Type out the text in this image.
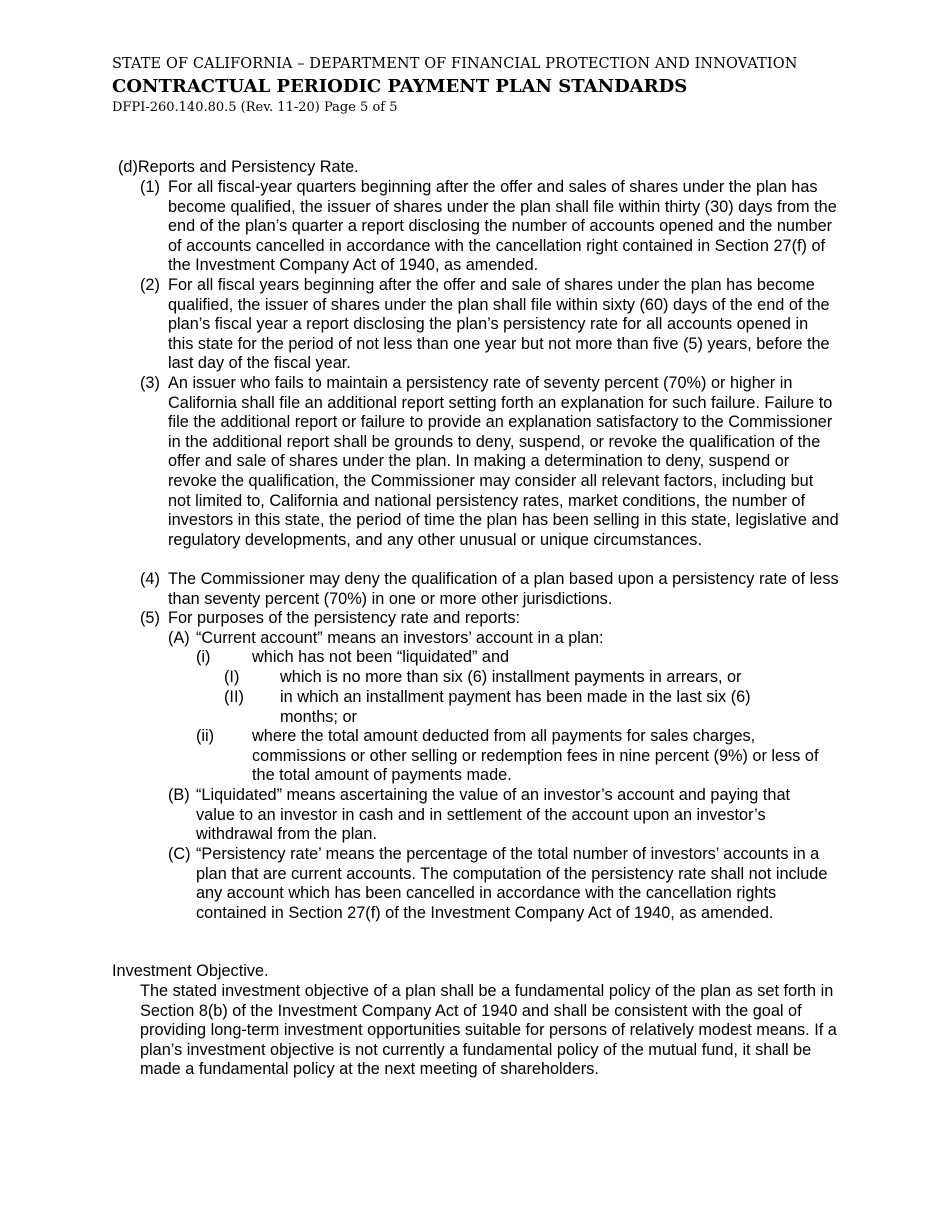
STATE OF CALIFORNIA – DEPARTMENT OF FINANCIAL PROTECTION AND INNOVATION
CONTRACTUAL PERIODIC PAYMENT PLAN STANDARDS
DFPI-260.140.80.5 (Rev. 11-20) Page 5 of 5
(d)Reports and Persistency Rate.
(1) For all fiscal-year quarters beginning after the offer and sales of shares under the plan has become qualified, the issuer of shares under the plan shall file within thirty (30) days from the end of the plan’s quarter a report disclosing the number of accounts opened and the number of accounts cancelled in accordance with the cancellation right contained in Section 27(f) of the Investment Company Act of 1940, as amended.
(2) For all fiscal years beginning after the offer and sale of shares under the plan has become qualified, the issuer of shares under the plan shall file within sixty (60) days of the end of the plan’s fiscal year a report disclosing the plan’s persistency rate for all accounts opened in this state for the period of not less than one year but not more than five (5) years, before the last day of the fiscal year.
(3) An issuer who fails to maintain a persistency rate of seventy percent (70%) or higher in California shall file an additional report setting forth an explanation for such failure. Failure to file the additional report or failure to provide an explanation satisfactory to the Commissioner in the additional report shall be grounds to deny, suspend, or revoke the qualification of the offer and sale of shares under the plan. In making a determination to deny, suspend or revoke the qualification, the Commissioner may consider all relevant factors, including but not limited to, California and national persistency rates, market conditions, the number of investors in this state, the period of time the plan has been selling in this state, legislative and regulatory developments, and any other unusual or unique circumstances.
(4) The Commissioner may deny the qualification of a plan based upon a persistency rate of less than seventy percent (70%) in one or more other jurisdictions.
(5) For purposes of the persistency rate and reports:
(A) “Current account” means an investors’ account in a plan:
(i)	which has not been “liquidated” and
(I) which is no more than six (6) installment payments in arrears, or
(II) in which an installment payment has been made in the last six (6) months; or
(ii) where the total amount deducted from all payments for sales charges, commissions or other selling or redemption fees in nine percent (9%) or less of the total amount of payments made.
(B) “Liquidated” means ascertaining the value of an investor’s account and paying that value to an investor in cash and in settlement of the account upon an investor’s withdrawal from the plan.
(C) “Persistency rate’ means the percentage of the total number of investors’ accounts in a plan that are current accounts. The computation of the persistency rate shall not include any account which has been cancelled in accordance with the cancellation rights contained in Section 27(f) of the Investment Company Act of 1940, as amended.
Investment Objective.
The stated investment objective of a plan shall be a fundamental policy of the plan as set forth in Section 8(b) of the Investment Company Act of 1940 and shall be consistent with the goal of providing long-term investment opportunities suitable for persons of relatively modest means. If a plan’s investment objective is not currently a fundamental policy of the mutual fund, it shall be made a fundamental policy at the next meeting of shareholders.
